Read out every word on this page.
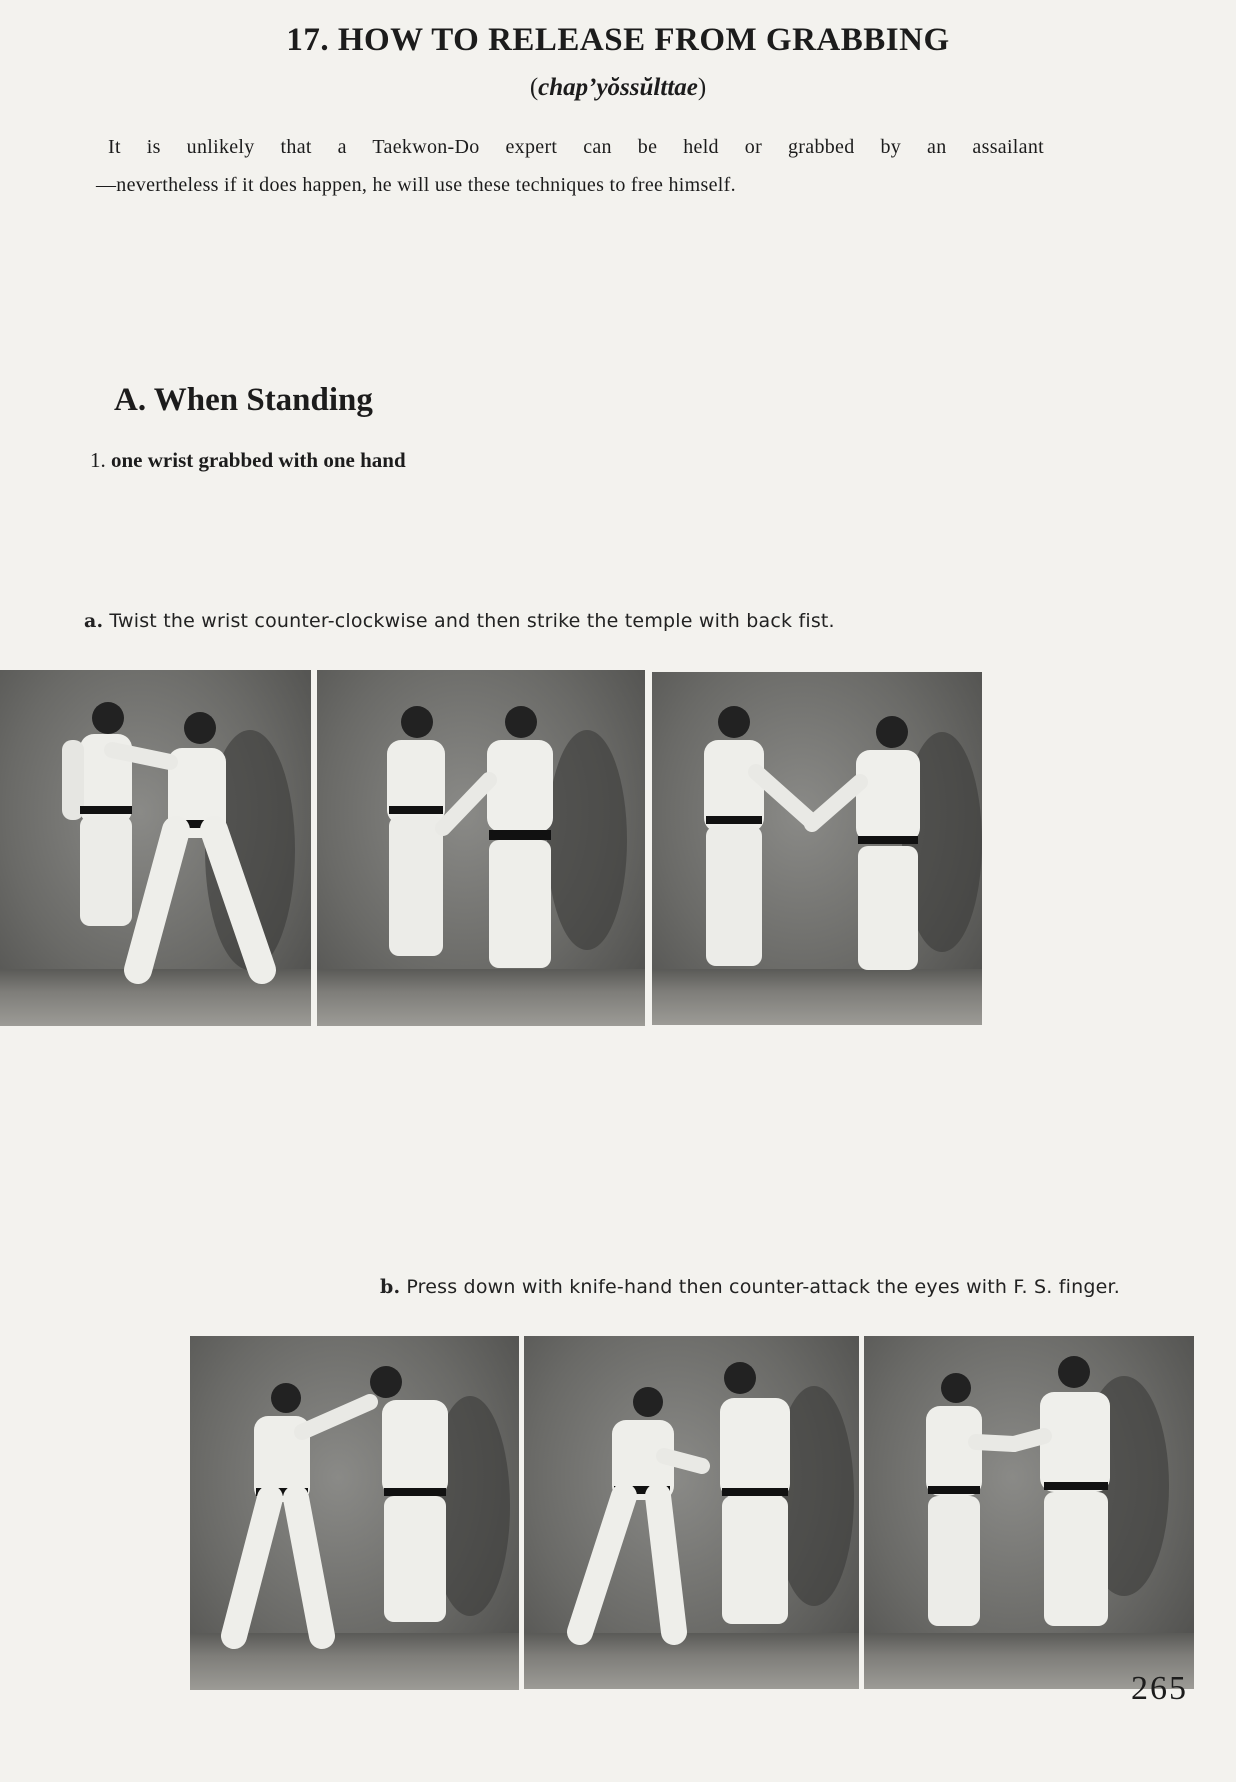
17. HOW TO RELEASE FROM GRABBING
(chap’yŏssŭlttae)
It is unlikely that a Taekwon-Do expert can be held or grabbed by an assailant
—nevertheless if it does happen, he will use these techniques to free himself.
A. When Standing
1. one wrist grabbed with one hand
a. Twist the wrist counter-clockwise and then strike the temple with back fist.
b. Press down with knife-hand then counter-attack the eyes with F. S. finger.
265
